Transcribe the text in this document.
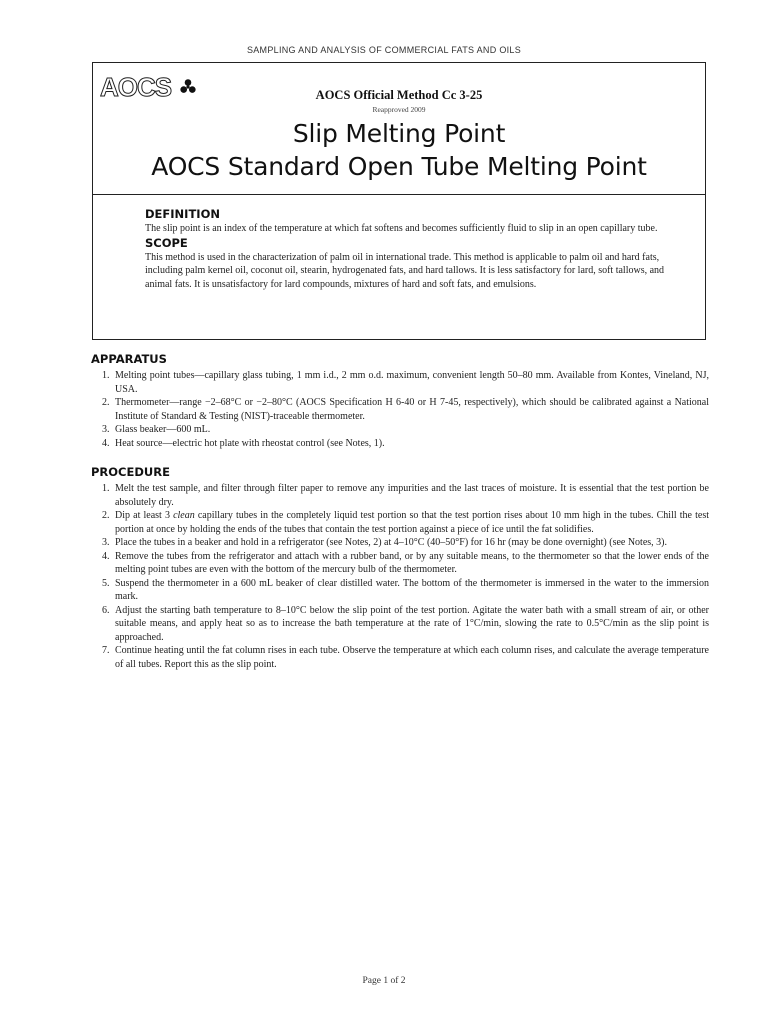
SAMPLING AND ANALYSIS OF COMMERCIAL FATS AND OILS
AOCS	AOCS Official Method Cc 3-25
Reapproved 2009
Slip Melting Point
AOCS Standard Open Tube Melting Point
DEFINITION
The slip point is an index of the temperature at which fat softens and becomes sufficiently fluid to slip in an open capillary tube.
SCOPE
This method is used in the characterization of palm oil in international trade. This method is applicable to palm oil and hard fats, including palm kernel oil, coconut oil, stearin, hydrogenated fats, and hard tallows. It is less satisfactory for lard, soft tallows, and animal fats. It is unsatisfactory for lard compounds, mixtures of hard and soft fats, and emulsions.
APPARATUS
1. Melting point tubes—capillary glass tubing, 1 mm i.d., 2 mm o.d. maximum, convenient length 50–80 mm. Available from Kontes, Vineland, NJ, USA.
2. Thermometer—range −2–68°C or −2–80°C (AOCS Specification H 6-40 or H 7-45, respectively), which should be calibrated against a National Institute of Standard & Testing (NIST)-traceable thermometer.
3. Glass beaker—600 mL.
4. Heat source—electric hot plate with rheostat control (see Notes, 1).
PROCEDURE
1. Melt the test sample, and filter through filter paper to remove any impurities and the last traces of moisture. It is essential that the test portion be absolutely dry.
2. Dip at least 3 clean capillary tubes in the completely liquid test portion so that the test portion rises about 10 mm high in the tubes. Chill the test portion at once by holding the ends of the tubes that contain the test portion against a piece of ice until the fat solidifies.
3. Place the tubes in a beaker and hold in a refrigerator (see Notes, 2) at 4–10°C (40–50°F) for 16 hr (may be done overnight) (see Notes, 3).
4. Remove the tubes from the refrigerator and attach with a rubber band, or by any suitable means, to the thermometer so that the lower ends of the melting point tubes are even with the bottom of the mercury bulb of the thermometer.
5. Suspend the thermometer in a 600 mL beaker of clear distilled water. The bottom of the thermometer is immersed in the water to the immersion mark.
6. Adjust the starting bath temperature to 8–10°C below the slip point of the test portion. Agitate the water bath with a small stream of air, or other suitable means, and apply heat so as to increase the bath temperature at the rate of 1°C/min, slowing the rate to 0.5°C/min as the slip point is approached.
7. Continue heating until the fat column rises in each tube. Observe the temperature at which each column rises, and calculate the average temperature of all tubes. Report this as the slip point.
Page 1 of 2
